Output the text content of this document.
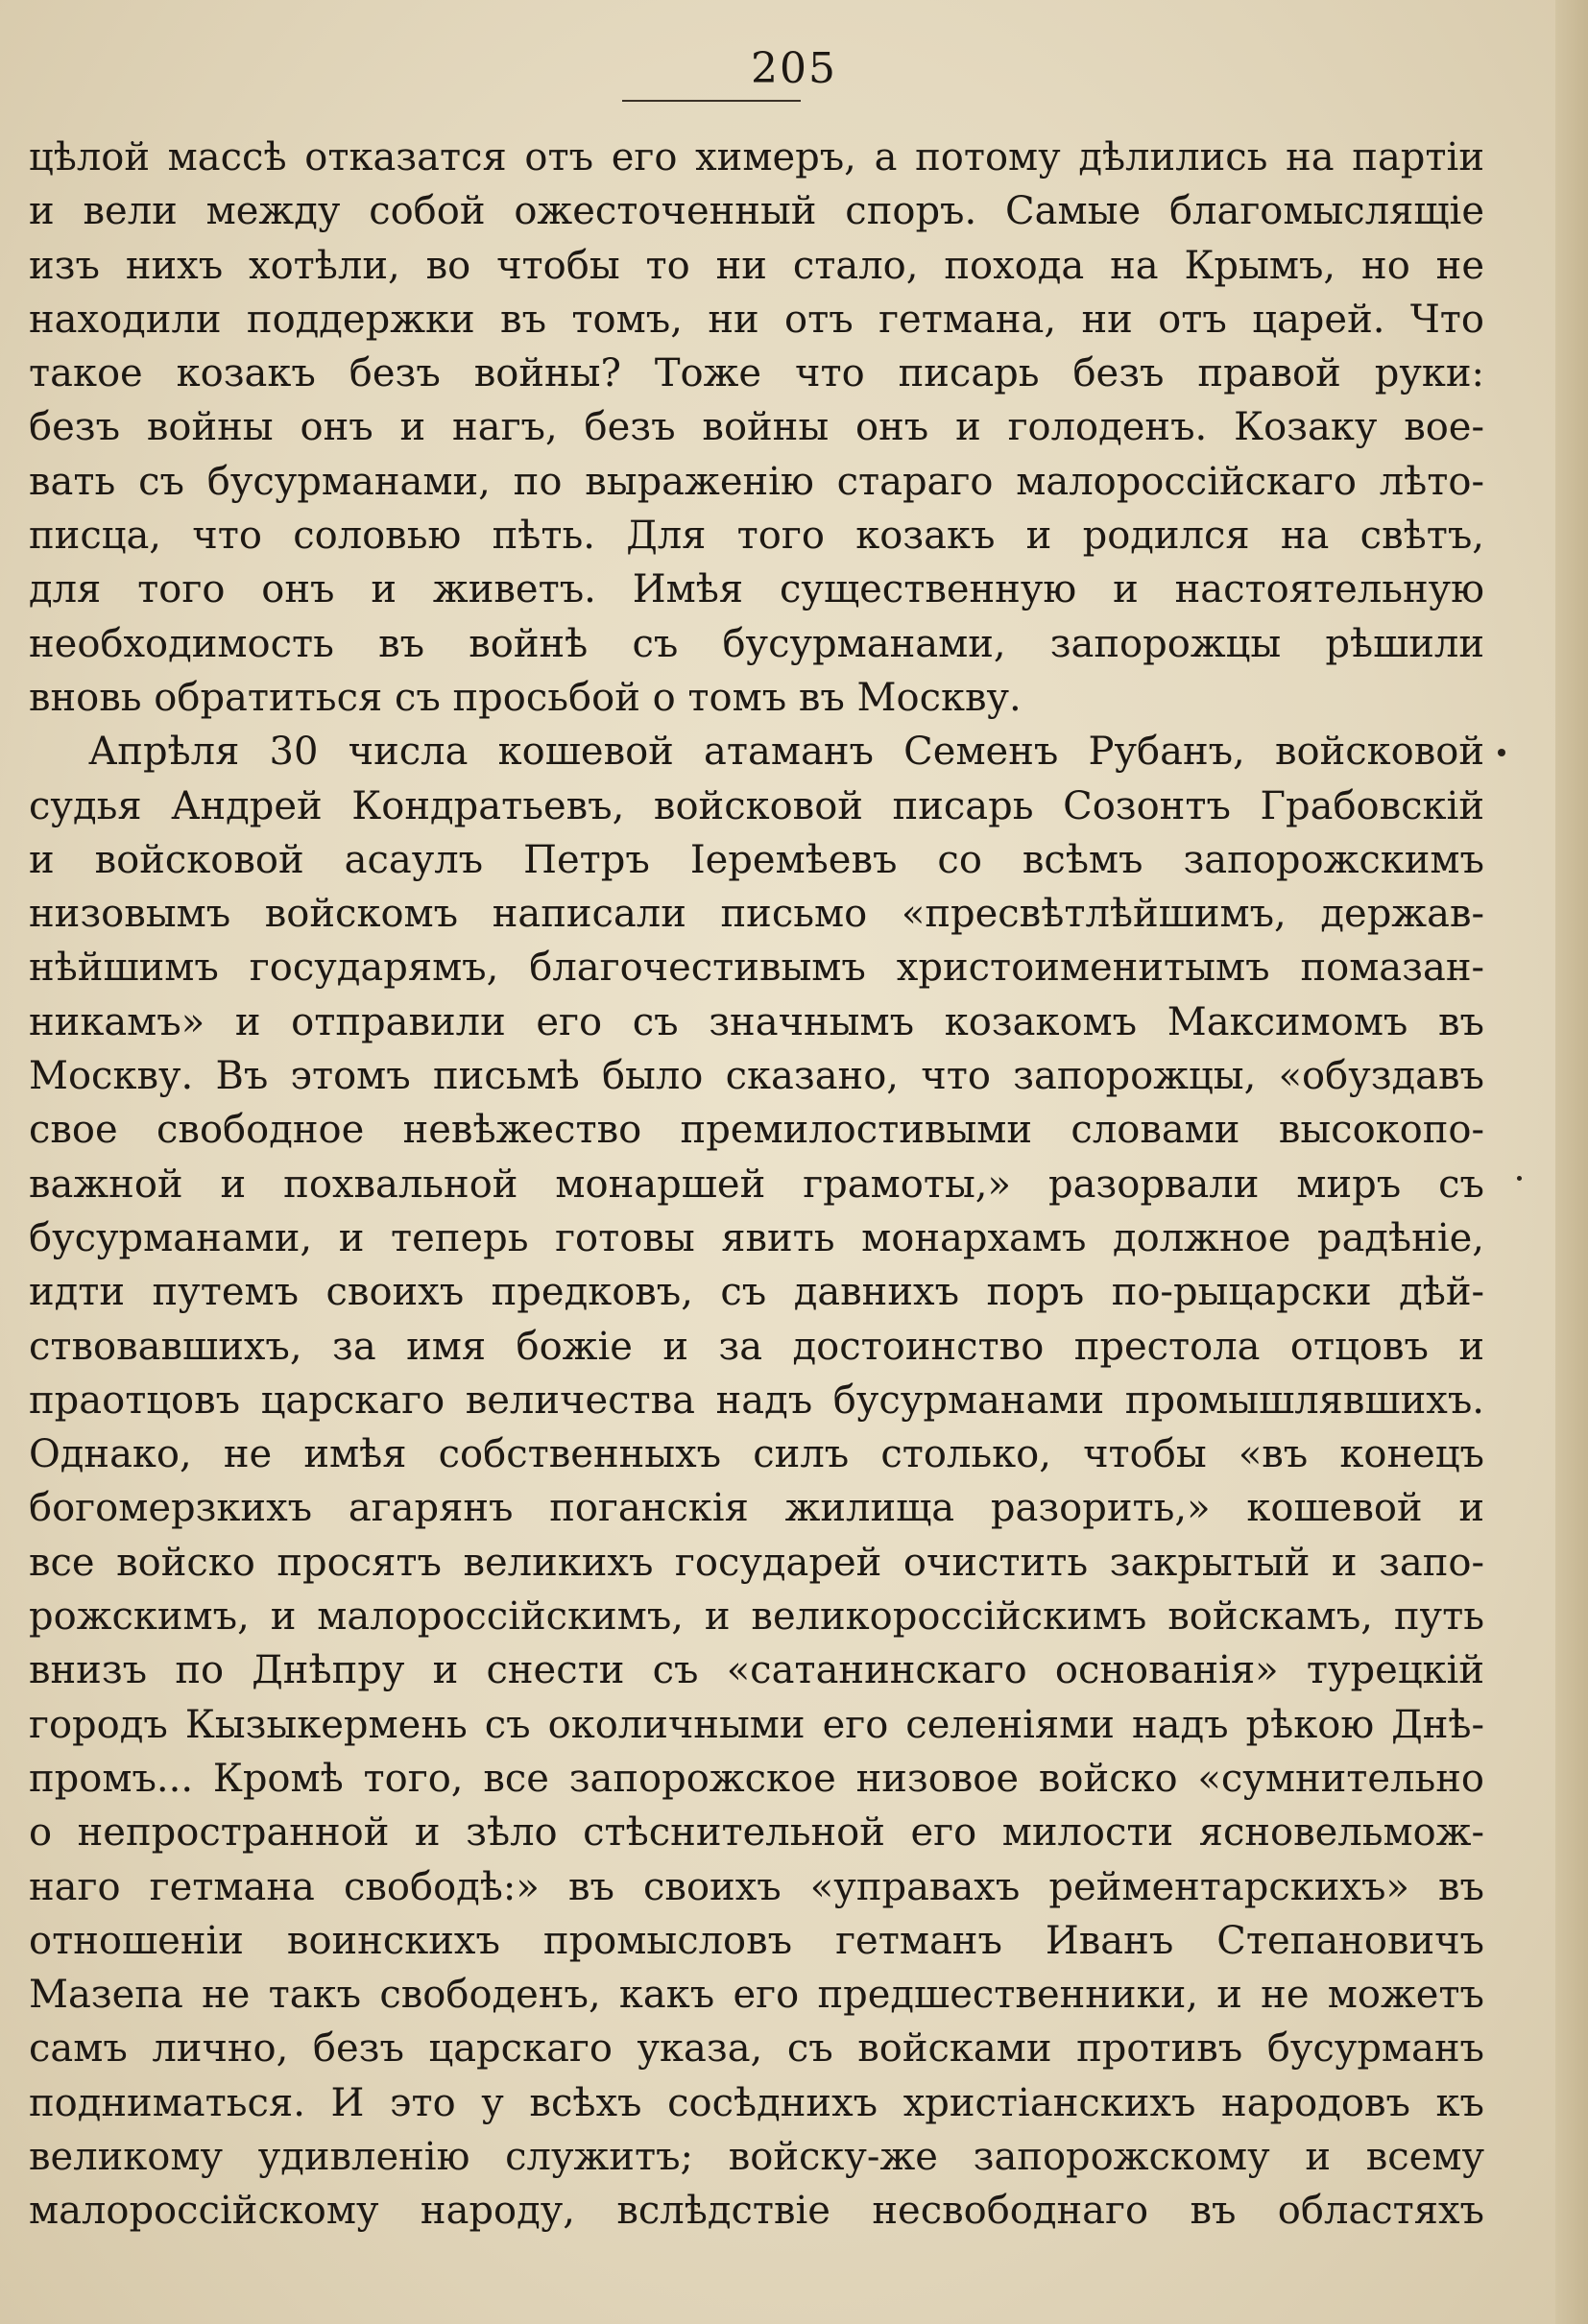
205
цѣлой массѣ отказатся отъ его химеръ, а потому дѣлились на партіи
и вели между собой ожесточенный споръ. Самые благомыслящіе
изъ нихъ хотѣли, во чтобы то ни стало, похода на Крымъ, но не
находили поддержки въ томъ, ни отъ гетмана, ни отъ царей. Что
такое козакъ безъ войны? Тоже что писарь безъ правой руки:
безъ войны онъ и нагъ, безъ войны онъ и голоденъ. Козаку вое-
вать съ бусурманами, по выраженію стараго малороссійскаго лѣто-
писца, что соловью пѣть. Для того козакъ и родился на свѣтъ,
для того онъ и живетъ. Имѣя существенную и настоятельную
необходимость въ войнѣ съ бусурманами, запорожцы рѣшили
вновь обратиться съ просьбой о томъ въ Москву.
Апрѣля 30 числа кошевой атаманъ Семенъ Рубанъ, войсковой
судья Андрей Кондратьевъ, войсковой писарь Созонтъ Грабовскій
и войсковой асаулъ Петръ Іеремѣевъ со всѣмъ запорожскимъ
низовымъ войскомъ написали письмо «пресвѣтлѣйшимъ, держав-
нѣйшимъ государямъ, благочестивымъ христоименитымъ помазан-
никамъ» и отправили его съ значнымъ козакомъ Максимомъ въ
Москву. Въ этомъ письмѣ было сказано, что запорожцы, «обуздавъ
свое свободное невѣжество премилостивыми словами высокопо-
важной и похвальной монаршей грамоты,» разорвали миръ съ
бусурманами, и теперь готовы явить монархамъ должное радѣніе,
идти путемъ своихъ предковъ, съ давнихъ поръ по-рыцарски дѣй-
ствовавшихъ, за имя божіе и за достоинство престола отцовъ и
праотцовъ царскаго величества надъ бусурманами промышлявшихъ.
Однако, не имѣя собственныхъ силъ столько, чтобы «въ конецъ
богомерзкихъ агарянъ поганскія жилища разорить,» кошевой и
все войско просятъ великихъ государей очистить закрытый и запо-
рожскимъ, и малороссійскимъ, и великороссійскимъ войскамъ, путь
внизъ по Днѣпру и снести съ «сатанинскаго основанія» турецкій
городъ Кызыкермень съ околичными его селеніями надъ рѣкою Днѣ-
промъ... Кромѣ того, все запорожское низовое войско «сумнительно
о непространной и зѣло стѣснительной его милости ясновельмож-
наго гетмана свободѣ:» въ своихъ «управахъ рейментарскихъ» въ
отношеніи воинскихъ промысловъ гетманъ Иванъ Степановичъ
Мазепа не такъ свободенъ, какъ его предшественники, и не можетъ
самъ лично, безъ царскаго указа, съ войсками противъ бусурманъ
подниматься. И это у всѣхъ сосѣднихъ христіанскихъ народовъ къ
великому удивленію служитъ; войску-же запорожскому и всему
малороссійскому народу, вслѣдствіе несвободнаго въ областяхъ
